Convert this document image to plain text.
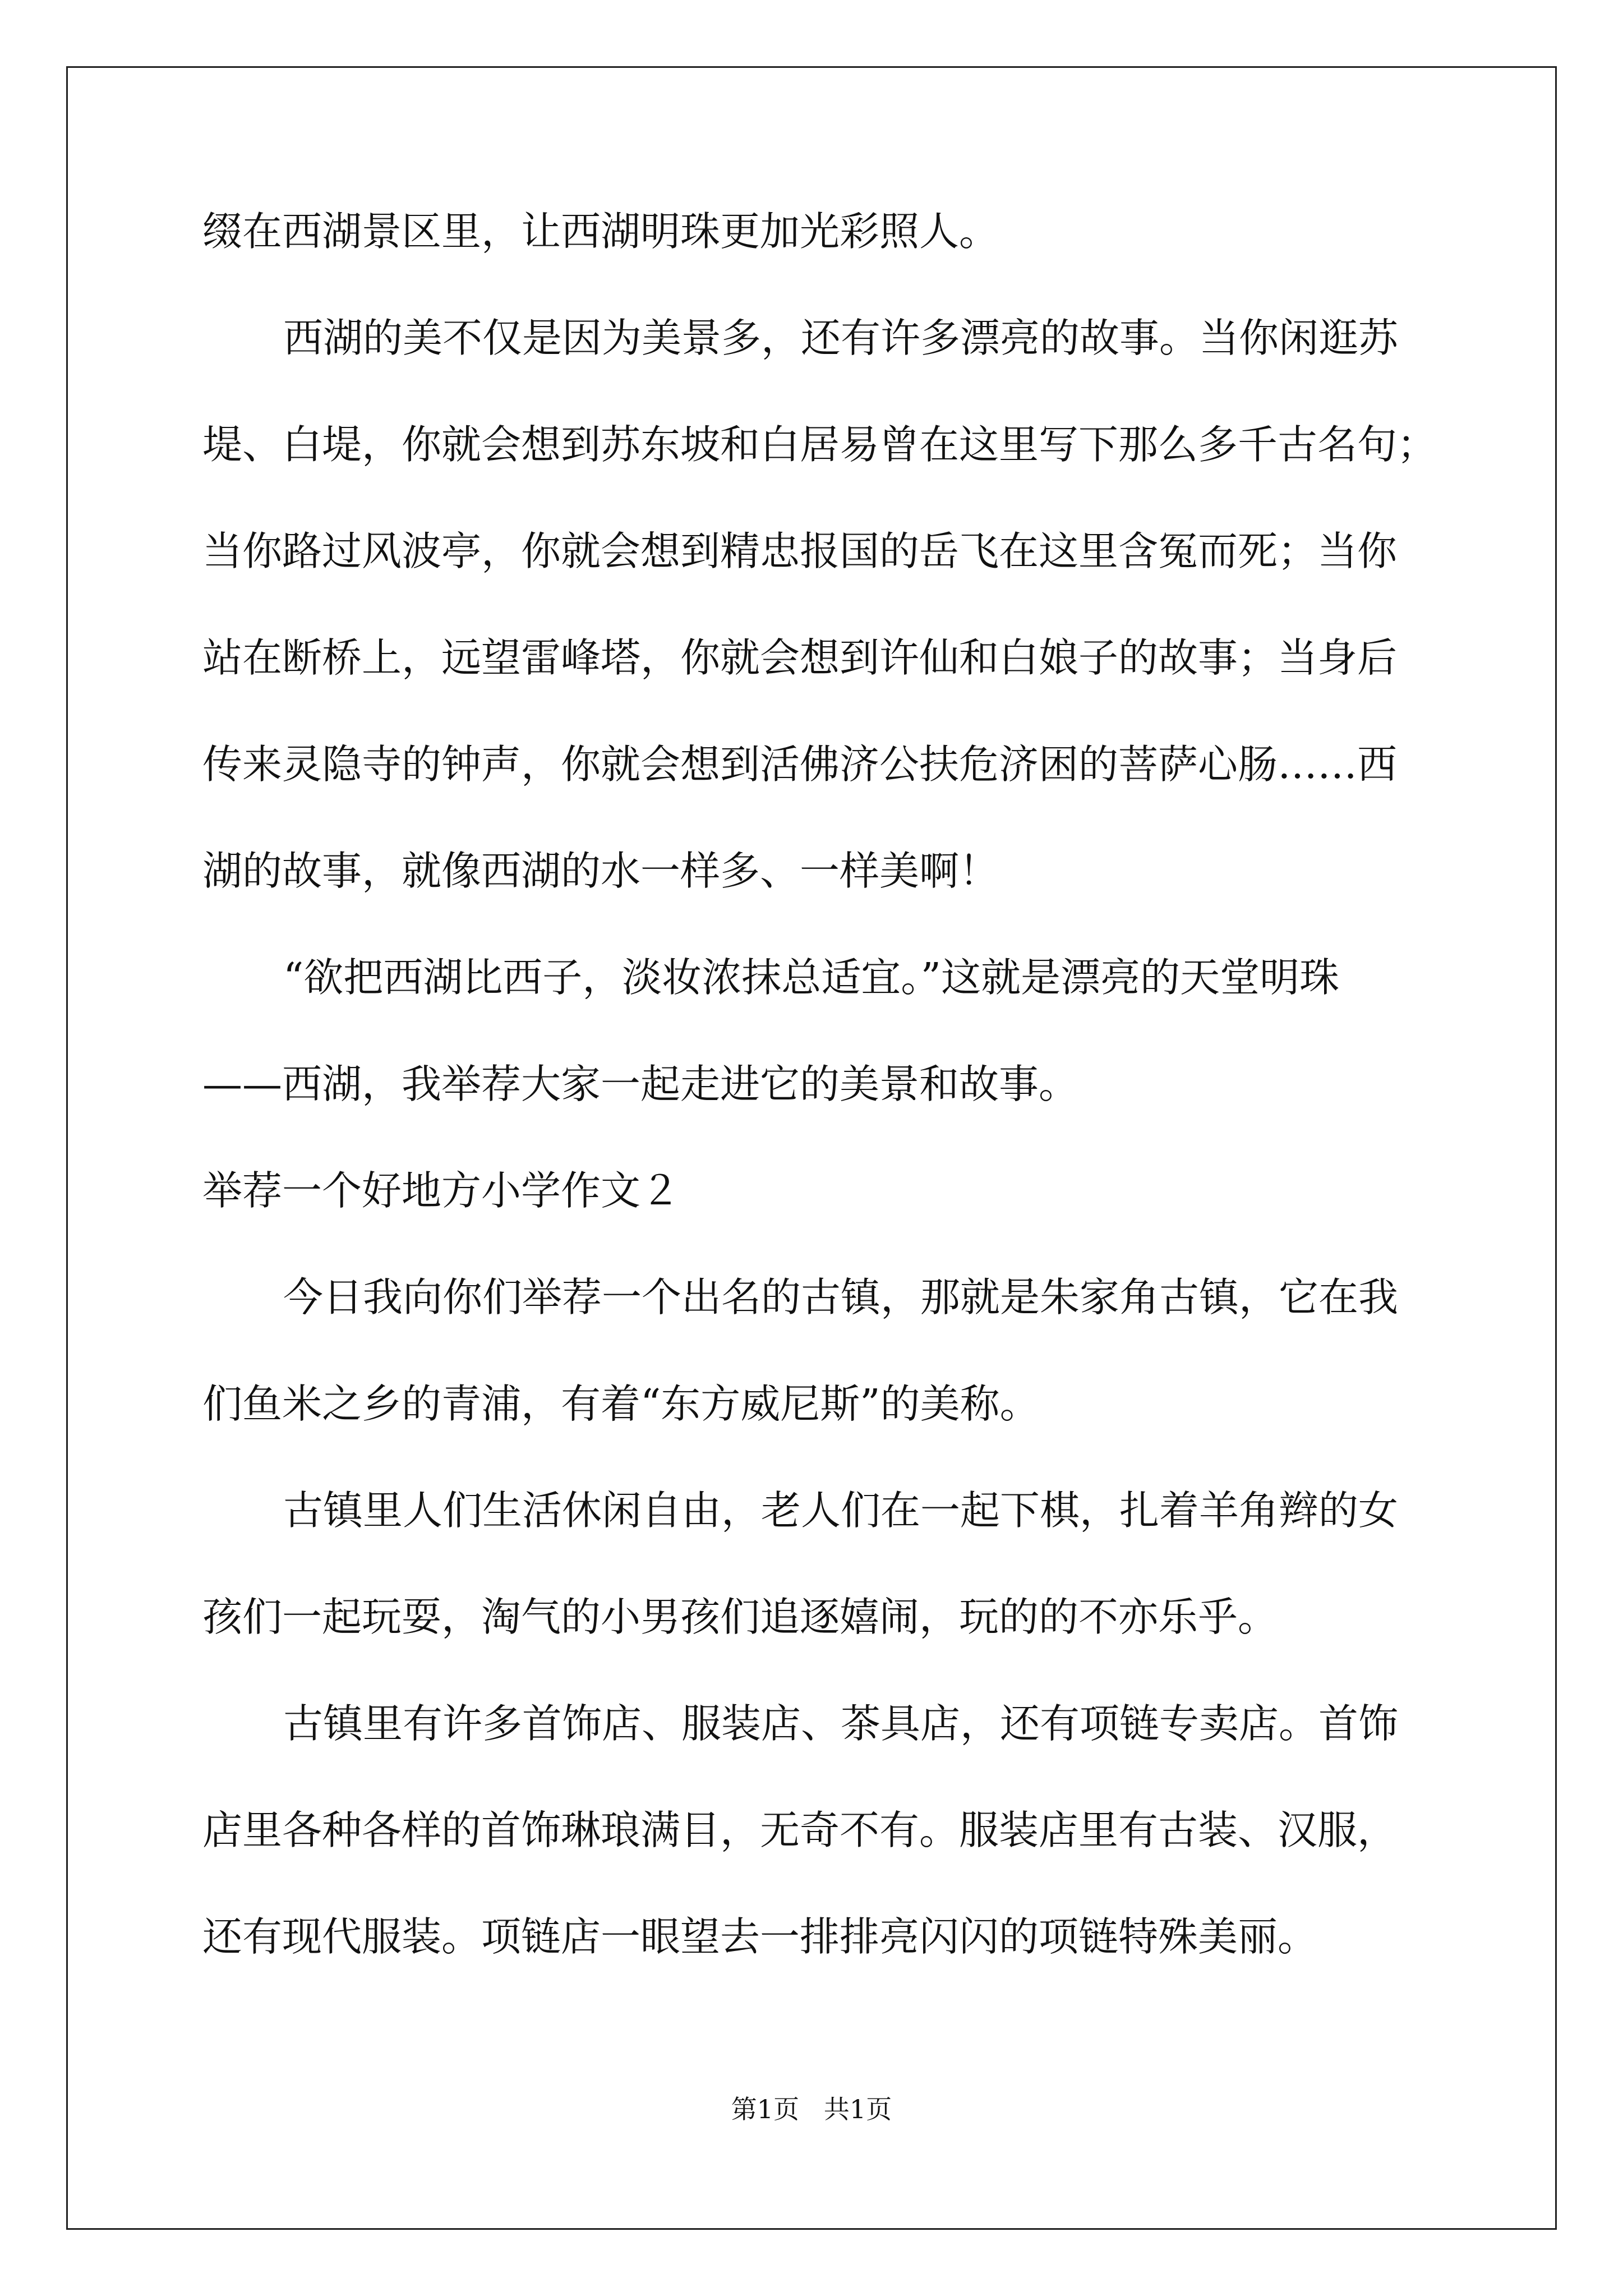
缀在西湖景区里，让西湖明珠更加光彩照人。
西湖的美不仅是因为美景多，还有许多漂亮的故事。当你闲逛苏
堤、白堤，你就会想到苏东坡和白居易曾在这里写下那么多千古名句；
当你路过风波亭，你就会想到精忠报国的岳飞在这里含冤而死；当你
站在断桥上，远望雷峰塔，你就会想到许仙和白娘子的故事；当身后
传来灵隐寺的钟声，你就会想到活佛济公扶危济困的菩萨心肠……西
湖的故事，就像西湖的水一样多、一样美啊！
“欲把西湖比西子，淡妆浓抹总适宜。”这就是漂亮的天堂明珠
——西湖，我举荐大家一起走进它的美景和故事。
举荐一个好地方小学作文２
今日我向你们举荐一个出名的古镇，那就是朱家角古镇，它在我
们鱼米之乡的青浦，有着“东方威尼斯”的美称。
古镇里人们生活休闲自由，老人们在一起下棋，扎着羊角辫的女
孩们一起玩耍，淘气的小男孩们追逐嬉闹，玩的的不亦乐乎。
古镇里有许多首饰店、服装店、茶具店，还有项链专卖店。首饰
店里各种各样的首饰琳琅满目，无奇不有。服装店里有古装、汉服，
还有现代服装。项链店一眼望去一排排亮闪闪的项链特殊美丽。
第1页   共1页
